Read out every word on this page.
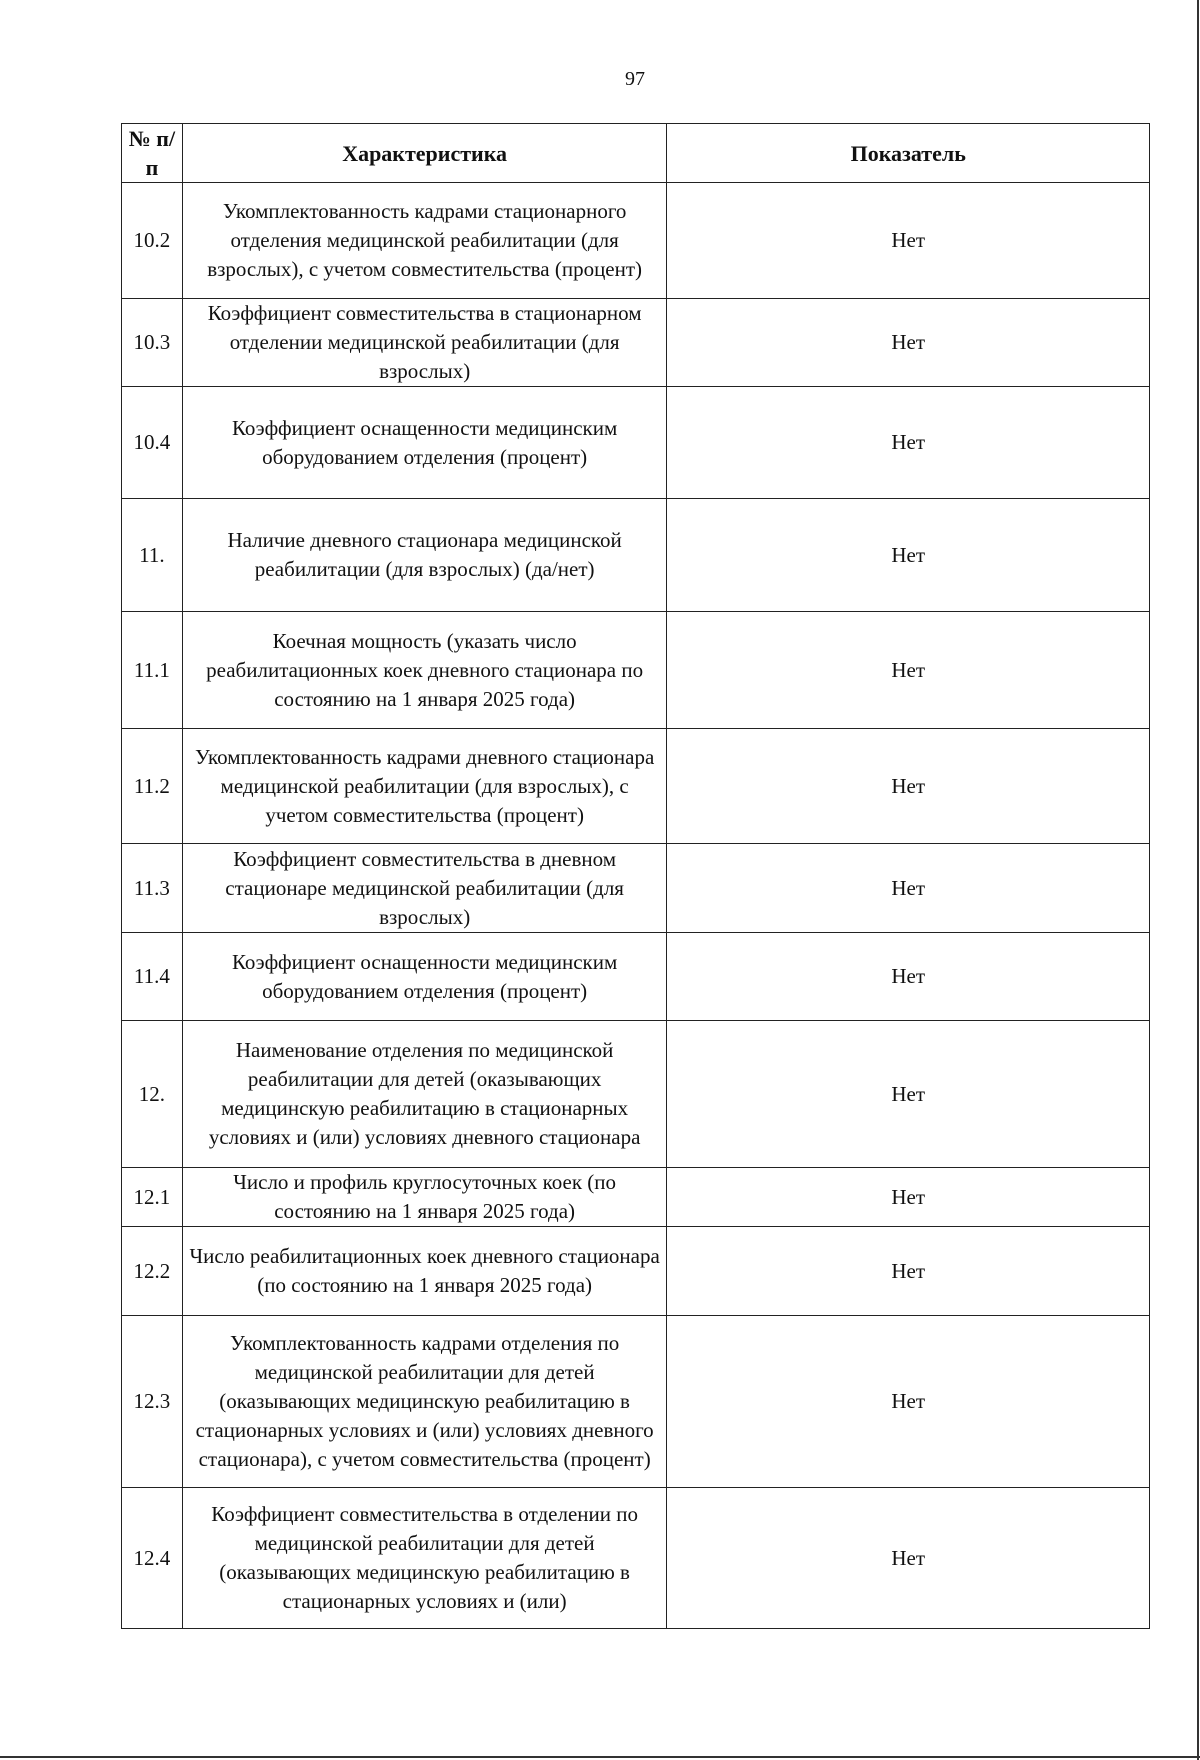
97
№ п/п	Характеристика	Показатель
10.2	Укомплектованность кадрами стационарного отделения медицинской реабилитации (для взрослых), с учетом совместительства (процент)	Нет
10.3	Коэффициент совместительства в стационарном отделении медицинской реабилитации (для взрослых)	Нет
10.4	Коэффициент оснащенности медицинским оборудованием отделения (процент)	Нет
11.	Наличие дневного стационара медицинской реабилитации (для взрослых) (да/нет)	Нет
11.1	Коечная мощность (указать число реабилитационных коек дневного стационара по состоянию на 1 января 2025 года)	Нет
11.2	Укомплектованность кадрами дневного стационара медицинской реабилитации (для взрослых), с учетом совместительства (процент)	Нет
11.3	Коэффициент совместительства в дневном стационаре медицинской реабилитации (для взрослых)	Нет
11.4	Коэффициент оснащенности медицинским оборудованием отделения (процент)	Нет
12.	Наименование отделения по медицинской реабилитации для детей (оказывающих медицинскую реабилитацию в стационарных условиях и (или) условиях дневного стационара	Нет
12.1	Число и профиль круглосуточных коек (по состоянию на 1 января 2025 года)	Нет
12.2	Число реабилитационных коек дневного стационара (по состоянию на 1 января 2025 года)	Нет
12.3	Укомплектованность кадрами отделения по медицинской реабилитации для детей (оказывающих медицинскую реабилитацию в стационарных условиях и (или) условиях дневного стационара), с учетом совместительства (процент)	Нет
12.4	Коэффициент совместительства в отделении по медицинской реабилитации для детей (оказывающих медицинскую реабилитацию в стационарных условиях и (или)	Нет
